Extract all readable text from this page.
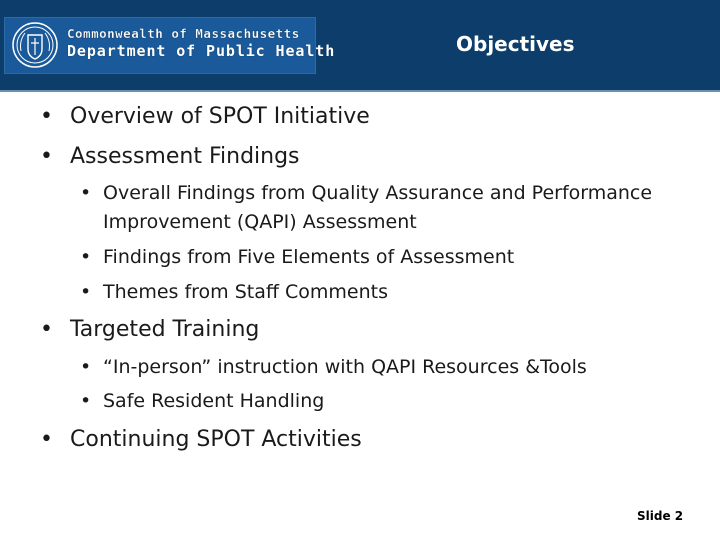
Commonwealth of Massachusetts
Department of Public Health	Objectives
• Overview of SPOT Initiative
• Assessment Findings
• Overall Findings from Quality Assurance and Performance
Improvement (QAPI) Assessment
• Findings from Five Elements of Assessment
• Themes from Staff Comments
• Targeted Training
• “In-person” instruction with QAPI Resources &Tools
• Safe Resident Handling
• Continuing SPOT Activities
Slide 2
